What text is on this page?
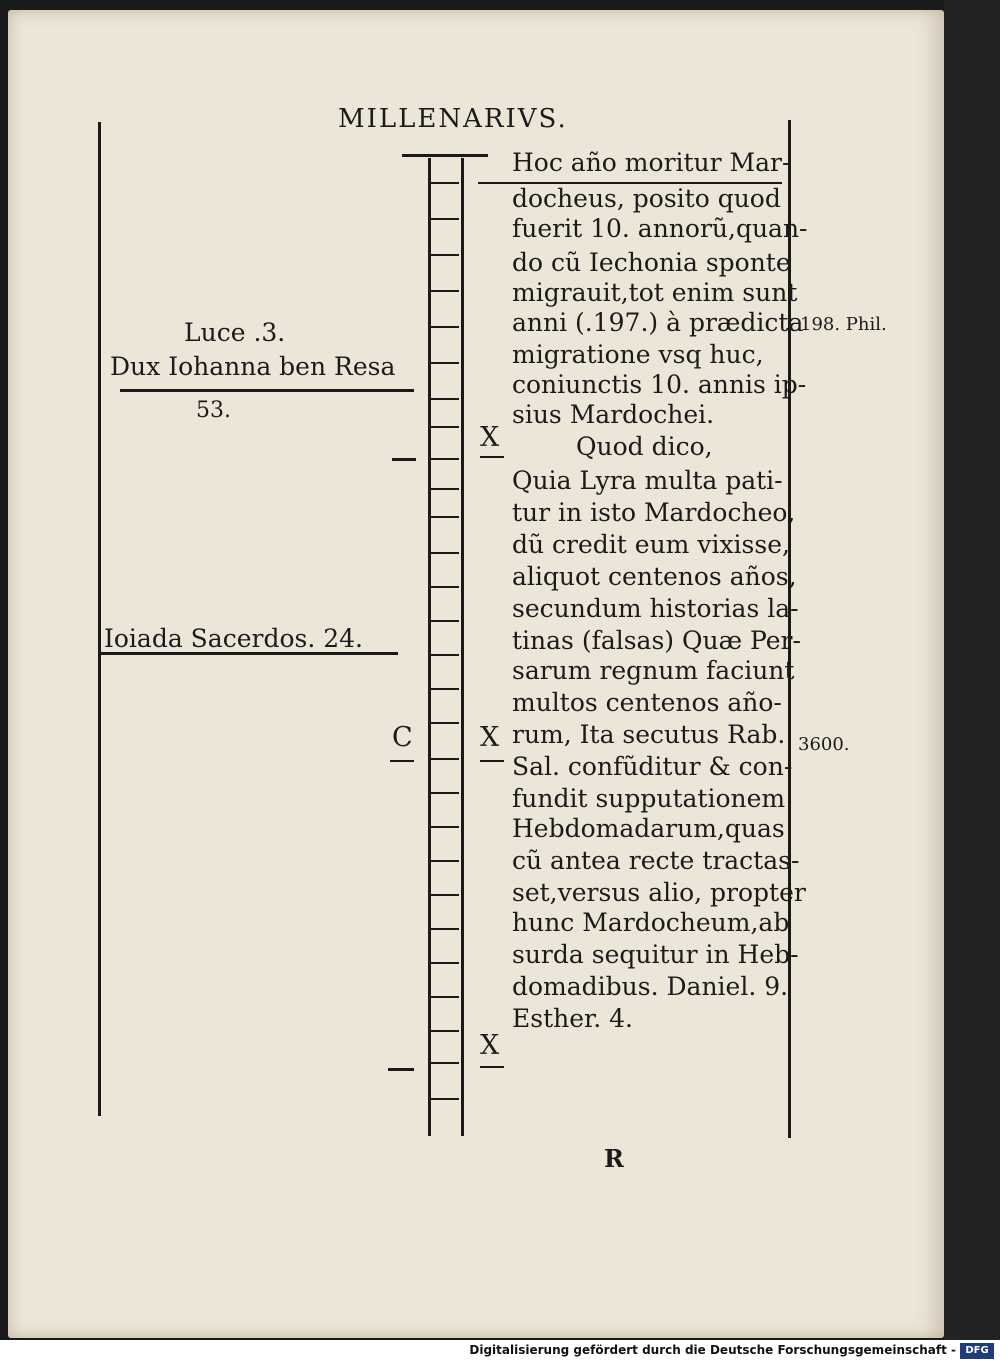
MILLENARIVS.
X
C X
X
Luce .3.
Dux Iohanna ben Resa
53.
Ioiada Sacerdos. 24.
198. Phil.
3600.
Hoc año moritur Mar-
docheus, posito quod
fuerit 10. annorũ,quan-
do cũ Iechonia sponte
migrauit,tot enim sunt
anni (.197.) à prædicta
migratione vsq huc,
coniunctis 10. annis ip-
sius Mardochei.
Quod dico,
Quia Lyra multa pati-
tur in isto Mardocheo,
dũ credit eum vixisse,
aliquot centenos años,
secundum historias la-
tinas (falsas) Quæ Per-
sarum regnum faciunt
multos centenos año-
rum, Ita secutus Rab.
Sal. confũditur & con-
fundit supputationem
Hebdomadarum,quas
cũ antea recte tractas-
set,versus alio, propter
hunc Mardocheum,ab
surda sequitur in Heb-
domadibus. Daniel. 9.
Esther. 4.
R
Digitalisierung gefördert durch die Deutsche Forschungsgemeinschaft - DFG
